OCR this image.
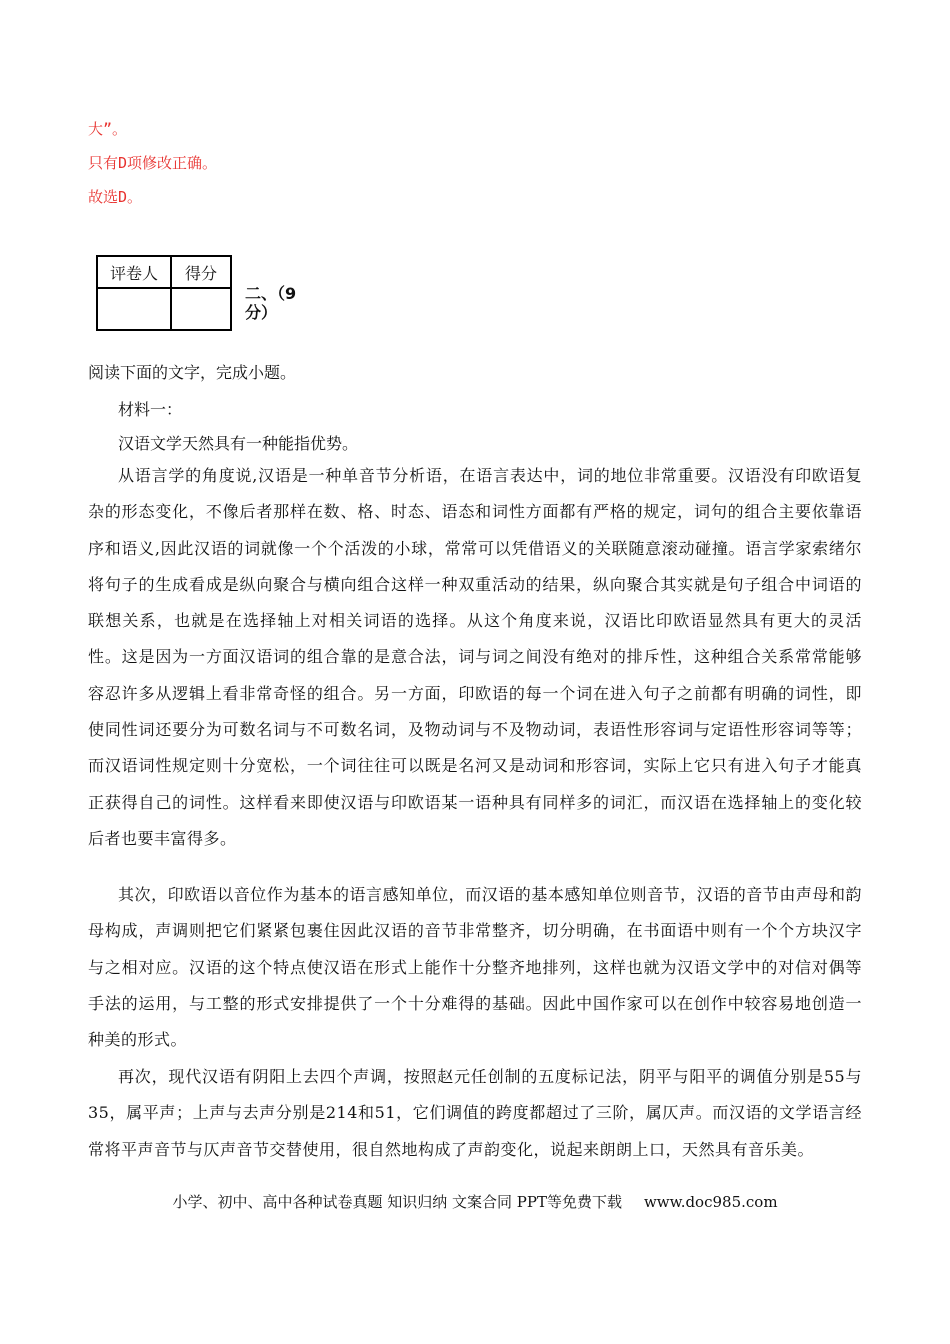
大”。
只有D项修改正确。
故选D。
评卷人	得分

二、（9分）
阅读下面的文字，完成小题。
材料一：
汉语文学天然具有一种能指优势。

从语言学的角度说,汉语是一种单音节分析语，在语言表达中，词的地位非常重要。汉语没有印欧语复杂的形态变化，不像后者那样在数、格、时态、语态和词性方面都有严格的规定，词句的组合主要依靠语序和语义,因此汉语的词就像一个个活泼的小球，常常可以凭借语义的关联随意滚动碰撞。语言学家索绪尔将句子的生成看成是纵向聚合与横向组合这样一种双重活动的结果，纵向聚合其实就是句子组合中词语的联想关系，也就是在选择轴上对相关词语的选择。从这个角度来说，汉语比印欧语显然具有更大的灵活性。这是因为一方面汉语词的组合靠的是意合法，词与词之间没有绝对的排斥性，这种组合关系常常能够容忍许多从逻辑上看非常奇怪的组合。另一方面，印欧语的每一个词在进入句子之前都有明确的词性，即使同性词还要分为可数名词与不可数名词，及物动词与不及物动词，表语性形容词与定语性形容词等等；而汉语词性规定则十分宽松，一个词往往可以既是名河又是动词和形容词，实际上它只有进入句子才能真正获得自己的词性。这样看来即使汉语与印欧语某一语种具有同样多的词汇，而汉语在选择轴上的变化较后者也要丰富得多。

其次，印欧语以音位作为基本的语言感知单位，而汉语的基本感知单位则音节，汉语的音节由声母和韵母构成，声调则把它们紧紧包裹住因此汉语的音节非常整齐，切分明确，在书面语中则有一个个方块汉字与之相对应。汉语的这个特点使汉语在形式上能作十分整齐地排列，这样也就为汉语文学中的对信对偶等手法的运用，与工整的形式安排提供了一个十分难得的基础。因此中国作家可以在创作中较容易地创造一种美的形式。

再次，现代汉语有阴阳上去四个声调，按照赵元任创制的五度标记法，阴平与阳平的调值分别是55与35，属平声；上声与去声分别是214和51，它们调值的跨度都超过了三阶，属仄声。而汉语的文学语言经常将平声音节与仄声音节交替使用，很自然地构成了声韵变化，说起来朗朗上口，天然具有音乐美。

小学、初中、高中各种试卷真题 知识归纳 文案合同 PPT等免费下载 www.doc985.com
